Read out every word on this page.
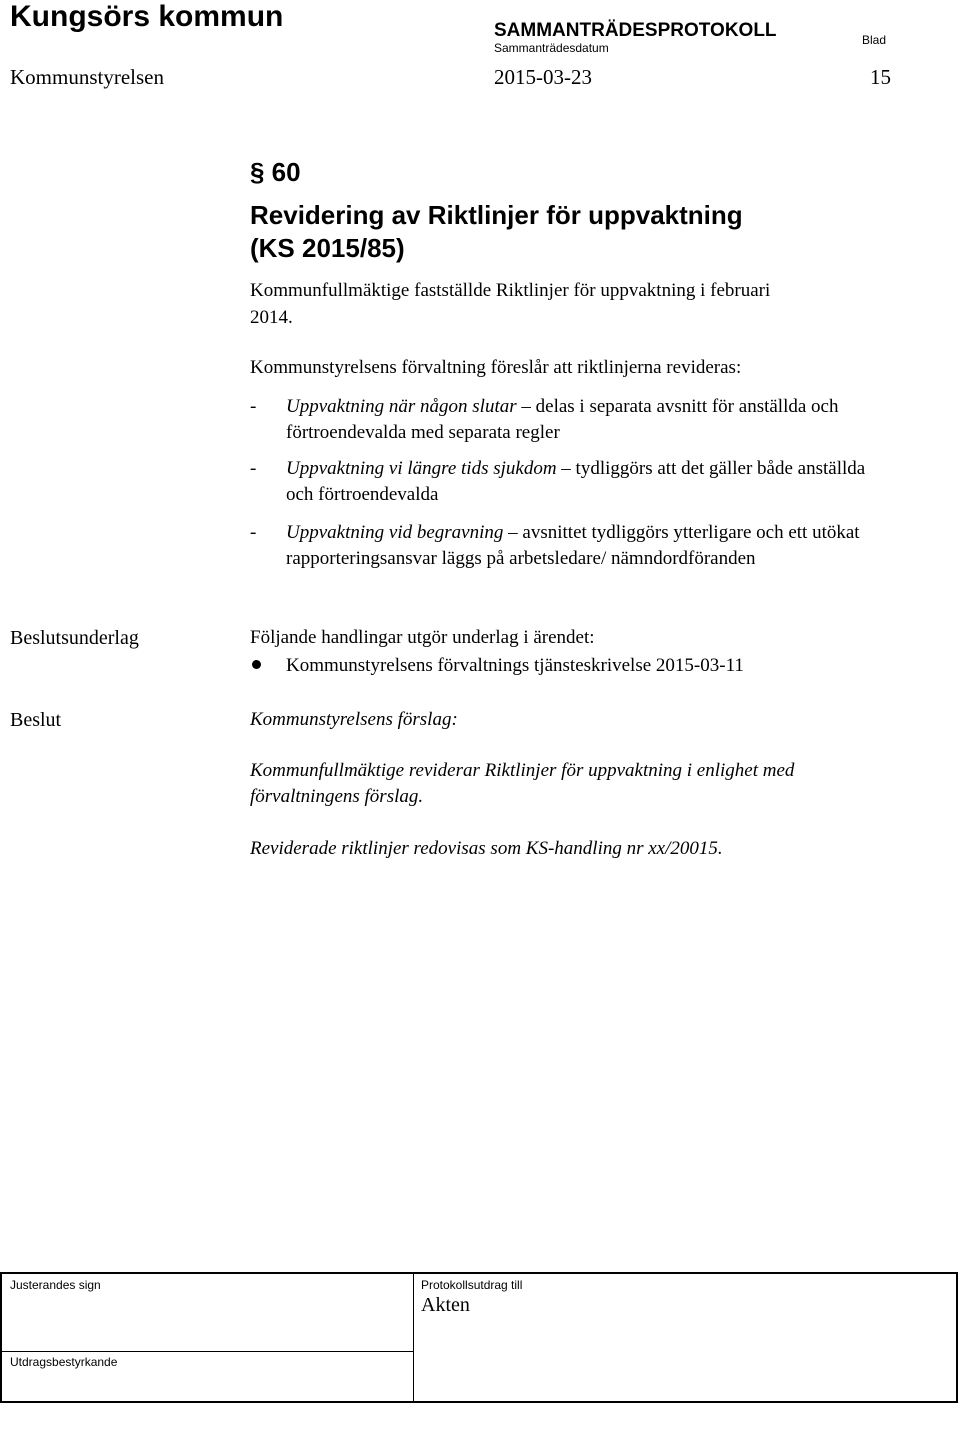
Kungsörs kommun	SAMMANTRÄDESPROTOKOLL
Sammanträdesdatum
Blad
Kommunstyrelsen	2015-03-23	15
§ 60
Revidering av Riktlinjer för uppvaktning
(KS 2015/85)
Kommunfullmäktige fastställde Riktlinjer för uppvaktning i februari 2014.
Kommunstyrelsens förvaltning föreslår att riktlinjerna revideras:
- Uppvaktning när någon slutar – delas i separata avsnitt för anställda och förtroendevalda med separata regler
- Uppvaktning vi längre tids sjukdom – tydliggörs att det gäller både anställda och förtroendevalda
- Uppvaktning vid begravning – avsnittet tydliggörs ytterligare och ett utökat rapporteringsansvar läggs på arbetsledare/ nämndordföranden
Beslutsunderlag	Följande handlingar utgör underlag i ärendet:
Kommunstyrelsens förvaltnings tjänsteskrivelse 2015-03-11
Beslut	Kommunstyrelsens förslag:
Kommunfullmäktige reviderar Riktlinjer för uppvaktning i enlighet med förvaltningens förslag.
Reviderade riktlinjer redovisas som KS-handling nr xx/20015.
Justerandes sign	Protokollsutdrag till
Akten
Utdragsbestyrkande
